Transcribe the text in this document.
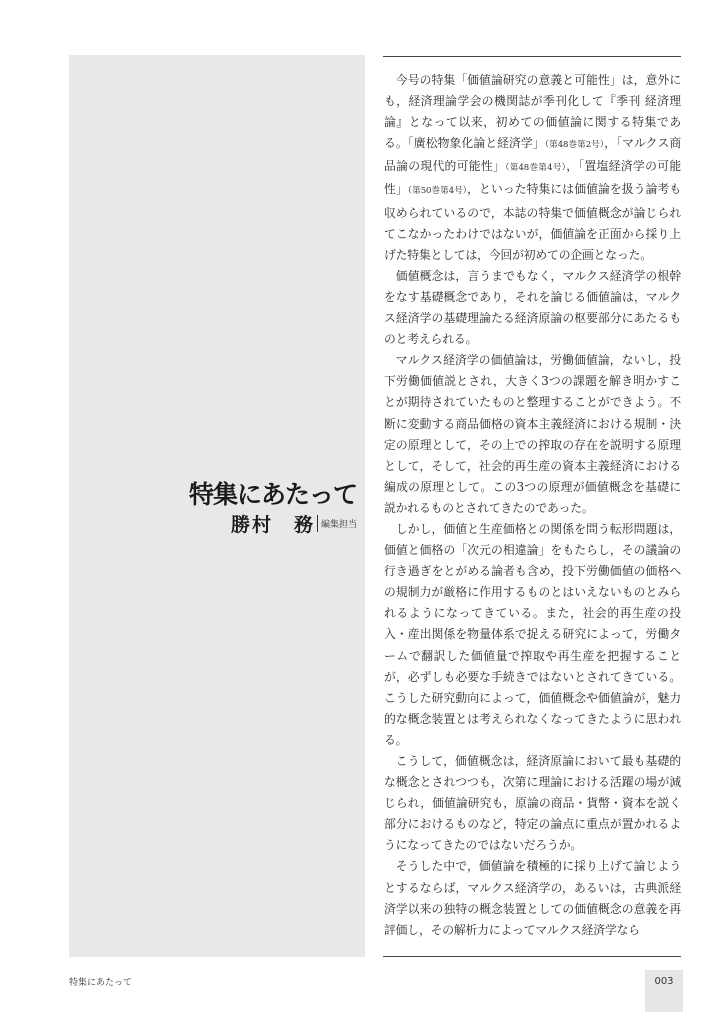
特集にあたって
勝村　務 編集担当

今号の特集「価値論研究の意義と可能性」は，意外にも，経済理論学会の機関誌が季刊化して『季刊 経済理論』となって以来，初めての価値論に関する特集である。「廣松物象化論と経済学」（第48巻第2号），「マルクス商品論の現代的可能性」（第48巻第4号），「置塩経済学の可能性」（第50巻第4号），といった特集には価値論を扱う論考も収められているので，本誌の特集で価値概念が論じられてこなかったわけではないが，価値論を正面から採り上げた特集としては，今回が初めての企画となった。

価値概念は，言うまでもなく，マルクス経済学の根幹をなす基礎概念であり，それを論じる価値論は，マルクス経済学の基礎理論たる経済原論の枢要部分にあたるものと考えられる。

マルクス経済学の価値論は，労働価値論，ないし，投下労働価値説とされ，大きく3つの課題を解き明かすことが期待されていたものと整理することができよう。不断に変動する商品価格の資本主義経済における規制・決定の原理として，その上での搾取の存在を説明する原理として，そして，社会的再生産の資本主義経済における編成の原理として。この3つの原理が価値概念を基礎に説かれるものとされてきたのであった。

しかし，価値と生産価格との関係を問う転形問題は，価値と価格の「次元の相違論」をもたらし，その議論の行き過ぎをとがめる論者も含め，投下労働価値の価格への規制力が厳格に作用するものとはいえないものとみられるようになってきている。また，社会的再生産の投入・産出関係を物量体系で捉える研究によって，労働タームで翻訳した価値量で搾取や再生産を把握することが，必ずしも必要な手続きではないとされてきている。こうした研究動向によって，価値概念や価値論が，魅力的な概念装置とは考えられなくなってきたように思われる。

こうして，価値概念は，経済原論において最も基礎的な概念とされつつも，次第に理論における活躍の場が減じられ，価値論研究も，原論の商品・貨幣・資本を説く部分におけるものなど，特定の論点に重点が置かれるようになってきたのではないだろうか。

そうした中で，価値論を積極的に採り上げて論じようとするならば，マルクス経済学の，あるいは，古典派経済学以来の独特の概念装置としての価値概念の意義を再評価し，その解析力によってマルクス経済学なら

特集にあたって	003
